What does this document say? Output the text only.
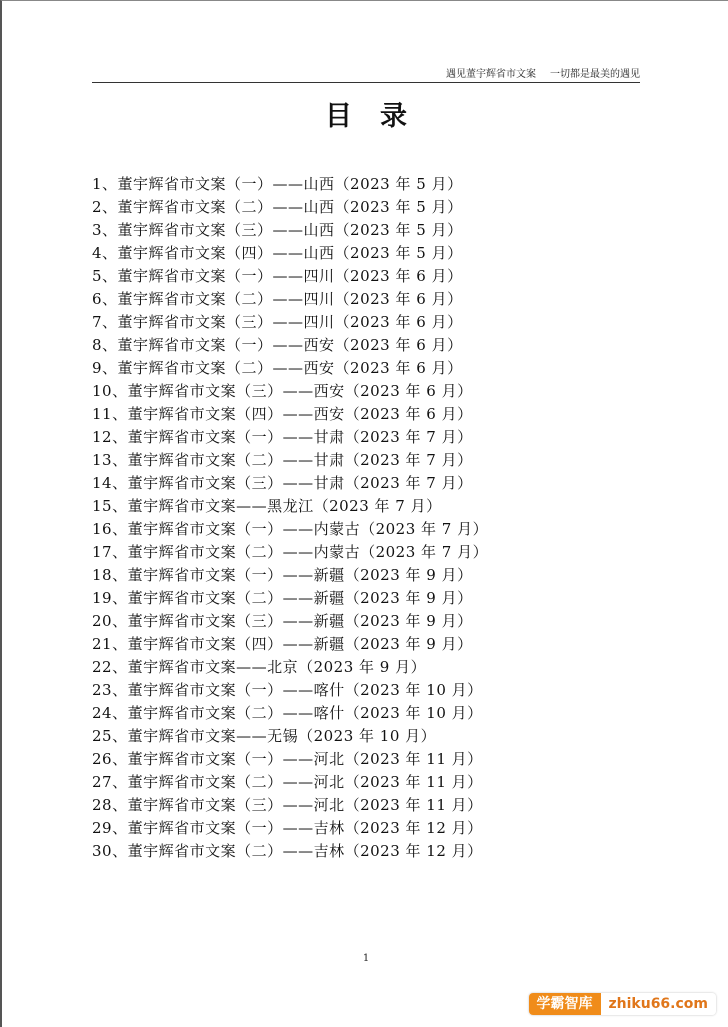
遇见董宇辉省市文案 一切都是最美的遇见
目录
1、董宇辉省市文案（一）——山西（2023 年 5 月）
2、董宇辉省市文案（二）——山西（2023 年 5 月）
3、董宇辉省市文案（三）——山西（2023 年 5 月）
4、董宇辉省市文案（四）——山西（2023 年 5 月）
5、董宇辉省市文案（一）——四川（2023 年 6 月）
6、董宇辉省市文案（二）——四川（2023 年 6 月）
7、董宇辉省市文案（三）——四川（2023 年 6 月）
8、董宇辉省市文案（一）——西安（2023 年 6 月）
9、董宇辉省市文案（二）——西安（2023 年 6 月）
10、董宇辉省市文案（三）——西安（2023 年 6 月）
11、董宇辉省市文案（四）——西安（2023 年 6 月）
12、董宇辉省市文案（一）——甘肃（2023 年 7 月）
13、董宇辉省市文案（二）——甘肃（2023 年 7 月）
14、董宇辉省市文案（三）——甘肃（2023 年 7 月）
15、董宇辉省市文案——黑龙江（2023 年 7 月）
16、董宇辉省市文案（一）——内蒙古（2023 年 7 月）
17、董宇辉省市文案（二）——内蒙古（2023 年 7 月）
18、董宇辉省市文案（一）——新疆（2023 年 9 月）
19、董宇辉省市文案（二）——新疆（2023 年 9 月）
20、董宇辉省市文案（三）——新疆（2023 年 9 月）
21、董宇辉省市文案（四）——新疆（2023 年 9 月）
22、董宇辉省市文案——北京（2023 年 9 月）
23、董宇辉省市文案（一）——喀什（2023 年 10 月）
24、董宇辉省市文案（二）——喀什（2023 年 10 月）
25、董宇辉省市文案——无锡（2023 年 10 月）
26、董宇辉省市文案（一）——河北（2023 年 11 月）
27、董宇辉省市文案（二）——河北（2023 年 11 月）
28、董宇辉省市文案（三）——河北（2023 年 11 月）
29、董宇辉省市文案（一）——吉林（2023 年 12 月）
30、董宇辉省市文案（二）——吉林（2023 年 12 月）
1
学霸智库	zhiku66.com
